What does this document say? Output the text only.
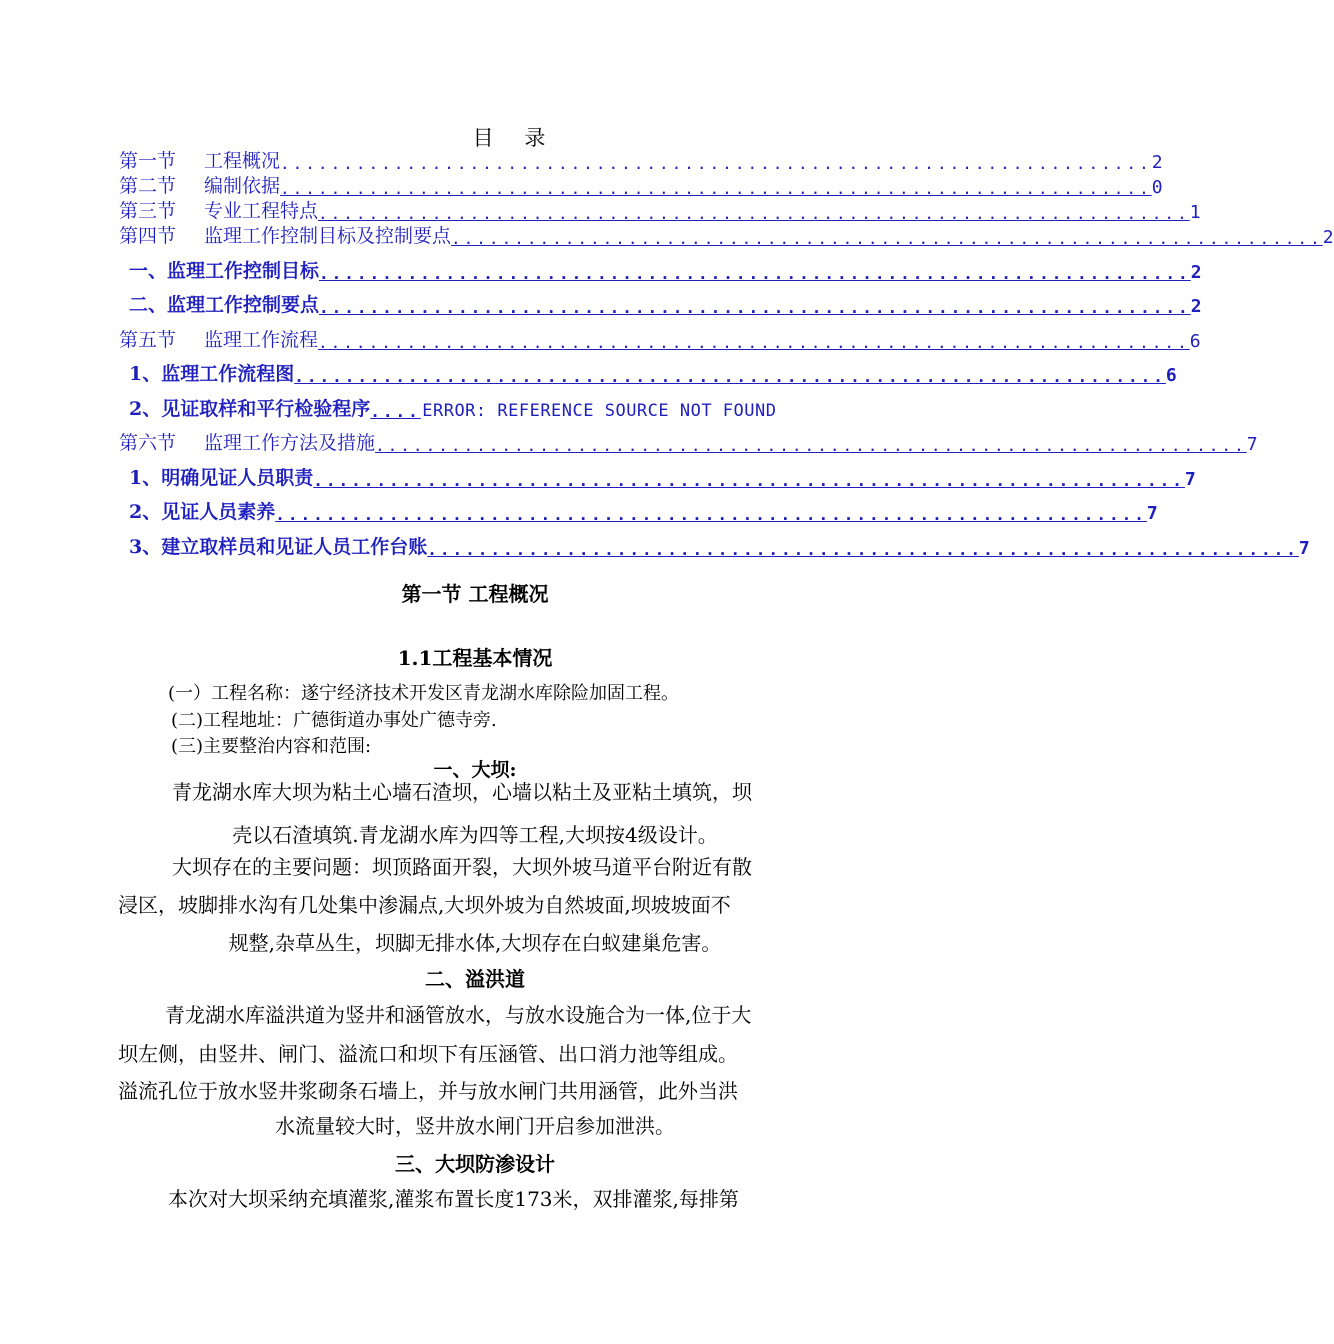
目 录
第一节 工程概况 ..................................................................... 2
第二节 编制依据 ..................................................................... 0
第三节 专业工程特点 ..................................................................... 1
第四节 监理工作控制目标及控制要点 ..................................................................... 2
一、监理工作控制目标 ..................................................................... 2
二、监理工作控制要点 ..................................................................... 2
第五节 监理工作流程 ..................................................................... 6
1、监理工作流程图 ..................................................................... 6
2、见证取样和平行检验程序 .... ERROR: REFERENCE SOURCE NOT FOUND
第六节 监理工作方法及措施 ..................................................................... 7
1、明确见证人员职责 ..................................................................... 7
2、见证人员素养 ..................................................................... 7
3、建立取样员和见证人员工作台账 ..................................................................... 7
第一节 工程概况
1.1工程基本情况
(一）工程名称：遂宁经济技术开发区青龙湖水库除险加固工程。
(二)工程地址：广德街道办事处广德寺旁.
(三)主要整治内容和范围:
一、大坝:
青龙湖水库大坝为粘土心墙石渣坝，心墙以粘土及亚粘土填筑，坝
壳以石渣填筑.青龙湖水库为四等工程,大坝按4级设计。
大坝存在的主要问题：坝顶路面开裂，大坝外坡马道平台附近有散
浸区，坡脚排水沟有几处集中渗漏点,大坝外坡为自然坡面,坝坡坡面不
规整,杂草丛生，坝脚无排水体,大坝存在白蚁建巢危害。
二、溢洪道
青龙湖水库溢洪道为竖井和涵管放水，与放水设施合为一体,位于大
坝左侧，由竖井、闸门、溢流口和坝下有压涵管、出口消力池等组成。
溢流孔位于放水竖井浆砌条石墙上，并与放水闸门共用涵管，此外当洪
水流量较大时，竖井放水闸门开启参加泄洪。
三、大坝防渗设计
本次对大坝采纳充填灌浆,灌浆布置长度173米，双排灌浆,每排第
